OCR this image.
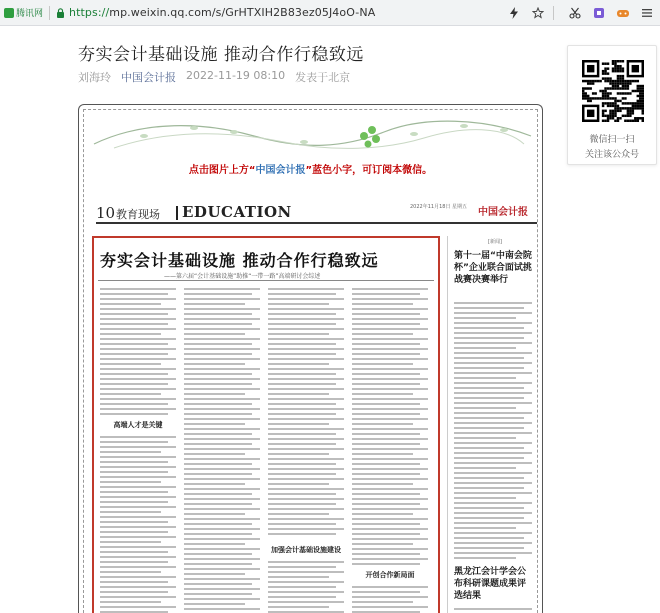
腾讯网 https://mp.weixin.qq.com/s/GrHTXIH2B83ez05J4oO-NA
夯实会计基础设施 推动合作行稳致远
刘海玲 中国会计报 2022-11-19 08:10 发表于北京
微信扫一扫
关注该公众号
点击图片上方“中国会计报”蓝色小字，可订阅本微信。
10 教育现场 EDUCATION	2022年11月18日 星期五 中国会计报
夯实会计基础设施 推动合作行稳致远
——第六届“会计基础设施”助推“一带一路”高端研讨会综述
高端人才是关键
加强会计基础设施建设
开创合作新局面
[新闻]
第十一届“中南会院杯”企业联合面试挑战赛决赛举行
黑龙江会计学会公布科研课题成果评选结果
